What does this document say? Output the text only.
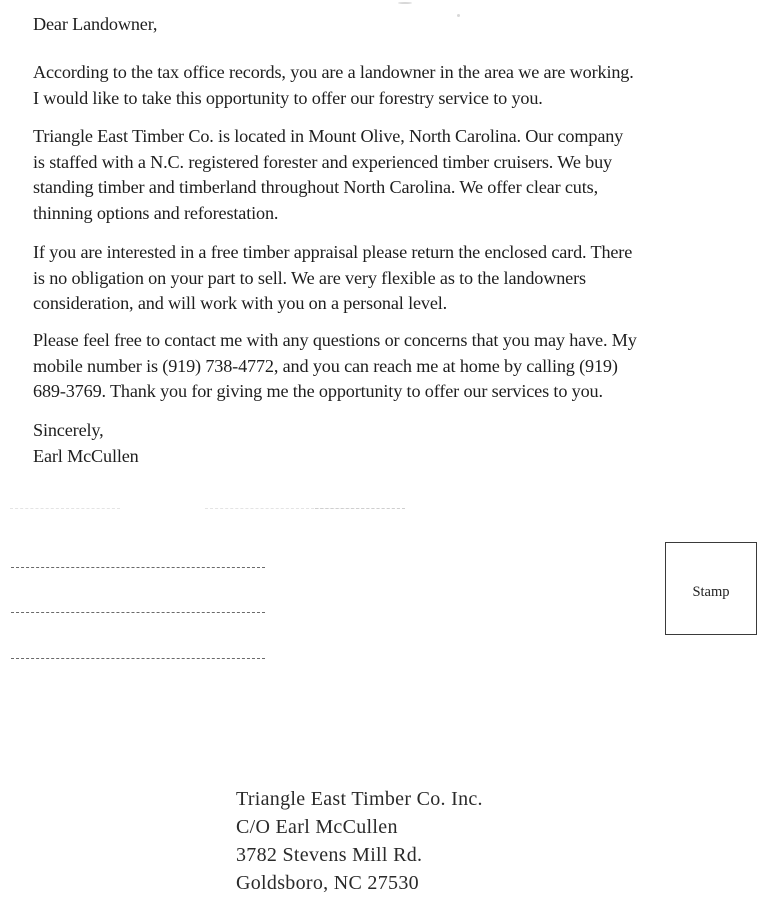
Dear Landowner,

According to the tax office records, you are a landowner in the area we are working.
I would like to take this opportunity to offer our forestry service to you.
Triangle East Timber Co. is located in Mount Olive, North Carolina. Our company
is staffed with a N.C. registered forester and experienced timber cruisers. We buy
standing timber and timberland throughout North Carolina. We offer clear cuts,
thinning options and reforestation.
If you are interested in a free timber appraisal please return the enclosed card. There
is no obligation on your part to sell. We are very flexible as to the landowners
consideration, and will work with you on a personal level.
Please feel free to contact me with any questions or concerns that you may have. My
mobile number is (919) 738-4772, and you can reach me at home by calling (919)
689-3769. Thank you for giving me the opportunity to offer our services to you.
Sincerely,
Earl McCullen
Stamp
Triangle East Timber Co. Inc.
C/O Earl McCullen
3782 Stevens Mill Rd.
Goldsboro, NC 27530
